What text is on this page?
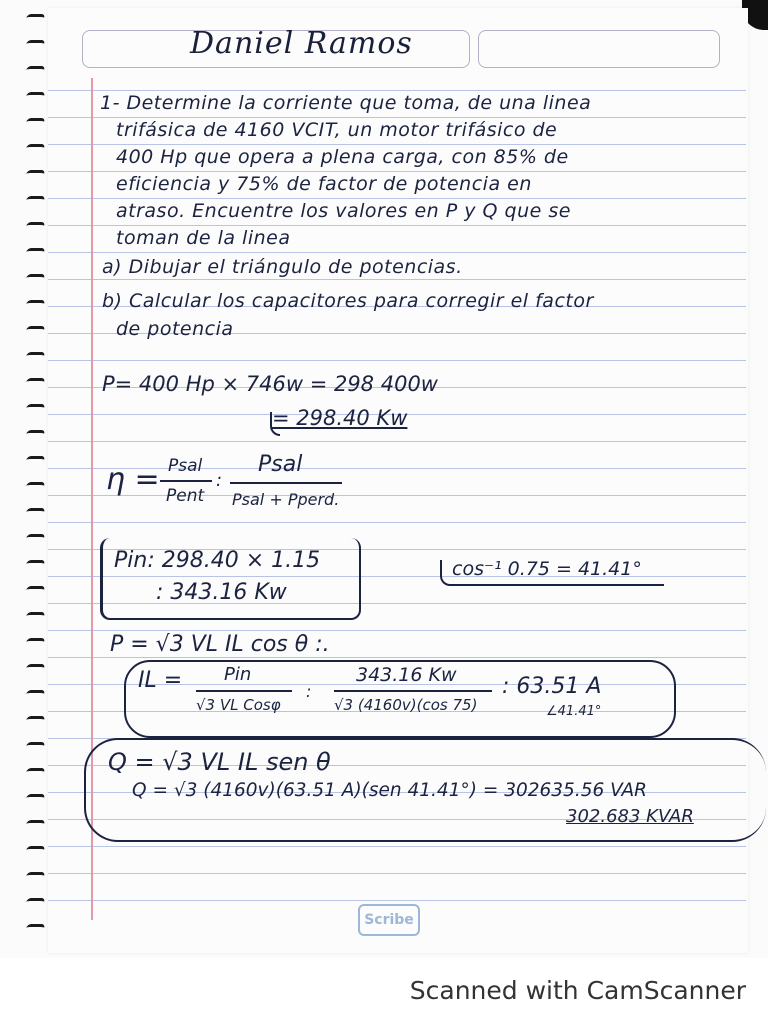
Daniel Ramos
1- Determine la corriente que toma, de una linea
trifásica de 4160 VCIT, un motor trifásico de
400 Hp que opera a plena carga, con 85% de
eficiencia y 75% de factor de potencia en
atraso. Encuentre los valores en P y Q que se
toman de la linea
a) Dibujar el triángulo de potencias.
b) Calcular los capacitores para corregir el factor
de potencia
P= 400 Hp × 746w = 298 400w
= 298.40 Kw
η = Psal
Pent
:
Psal
Psal + Pperd.
Pin: 298.40 × 1.15
: 343.16 Kw
cos⁻¹ 0.75 = 41.41°
P = √3 VL IL cos θ :.
IL = Pin
√3 VL Cosφ
:
343.16 Kw
√3 (4160v)(cos 75)
: 63.51 A
∠41.41°
Q = √3 VL IL sen θ
Q = √3 (4160v)(63.51 A)(sen 41.41°) = 302635.56 VAR
302.683 KVAR
Scribe
Scanned with CamScanner
